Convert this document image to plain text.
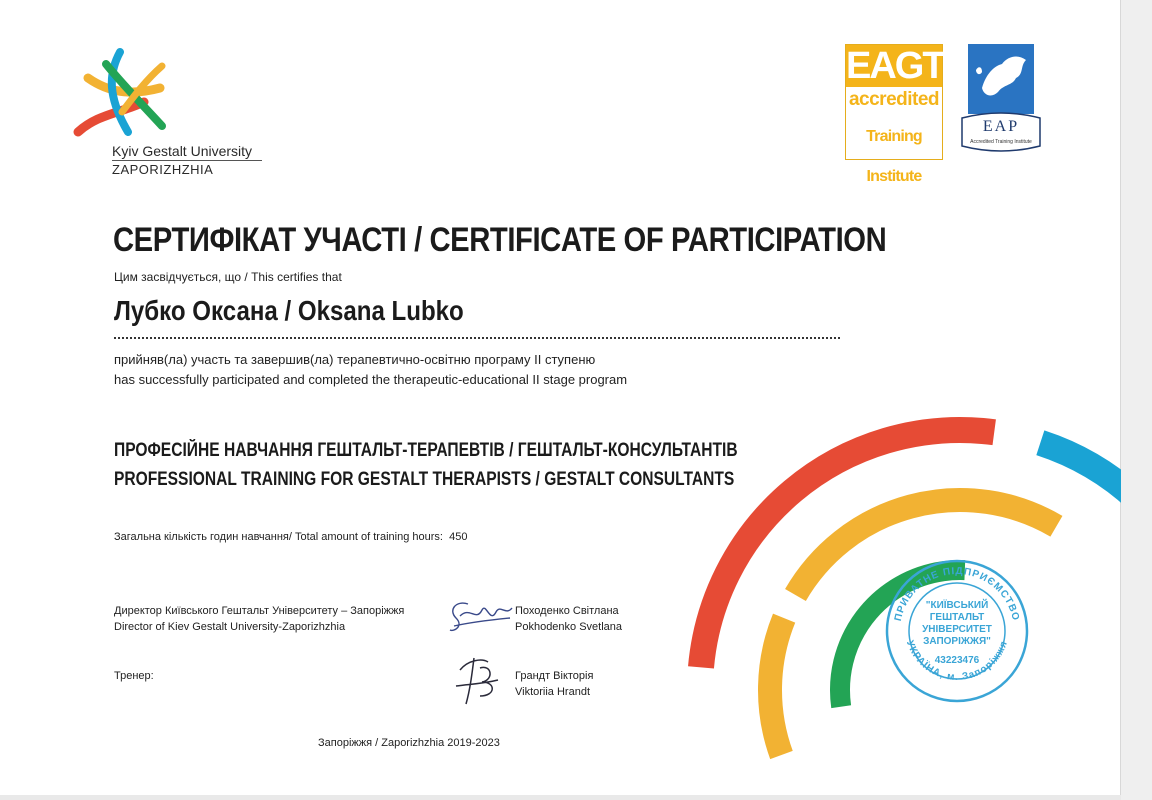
Kyiv Gestalt University
ZAPORIZHZHIA
EAGT
accredited
Training Institute
EAP
Accredited Training Institute
ПРИВАТНЕ ПІДПРИЄМСТВО
УКРАЇНА, м. Запоріжжя
"КИЇВСЬКИЙ
ГЕШТАЛЬТ
УНІВЕРСИТЕТ
ЗАПОРІЖЖЯ"
43223476
СЕРТИФІКАТ УЧАСТІ / CERTIFICATE OF PARTICIPATION
Цим засвідчується, що / This certifies that
Лубко Оксана / Oksana Lubko
прийняв(ла) участь та завершив(ла) терапевтично-освітню програму II ступеню
has successfully participated and completed the therapeutic-educational II stage program
ПРОФЕСІЙНЕ НАВЧАННЯ ГЕШТАЛЬТ-ТЕРАПЕВТІВ / ГЕШТАЛЬТ-КОНСУЛЬТАНТІВ
PROFESSIONAL TRAINING FOR GESTALT THERAPISTS / GESTALT CONSULTANTS
Загальна кількість годин навчання/ Total amount of training hours: 450
Директор Київського Гештальт Університету – Запоріжжя
Director of Kiev Gestalt University-Zaporizhzhia
Походенко Світлана
Pokhodenko Svetlana
Тренер:	Грандт Вікторія
Viktoriia Hrandt
Запоріжжя / Zaporizhzhia 2019-2023
